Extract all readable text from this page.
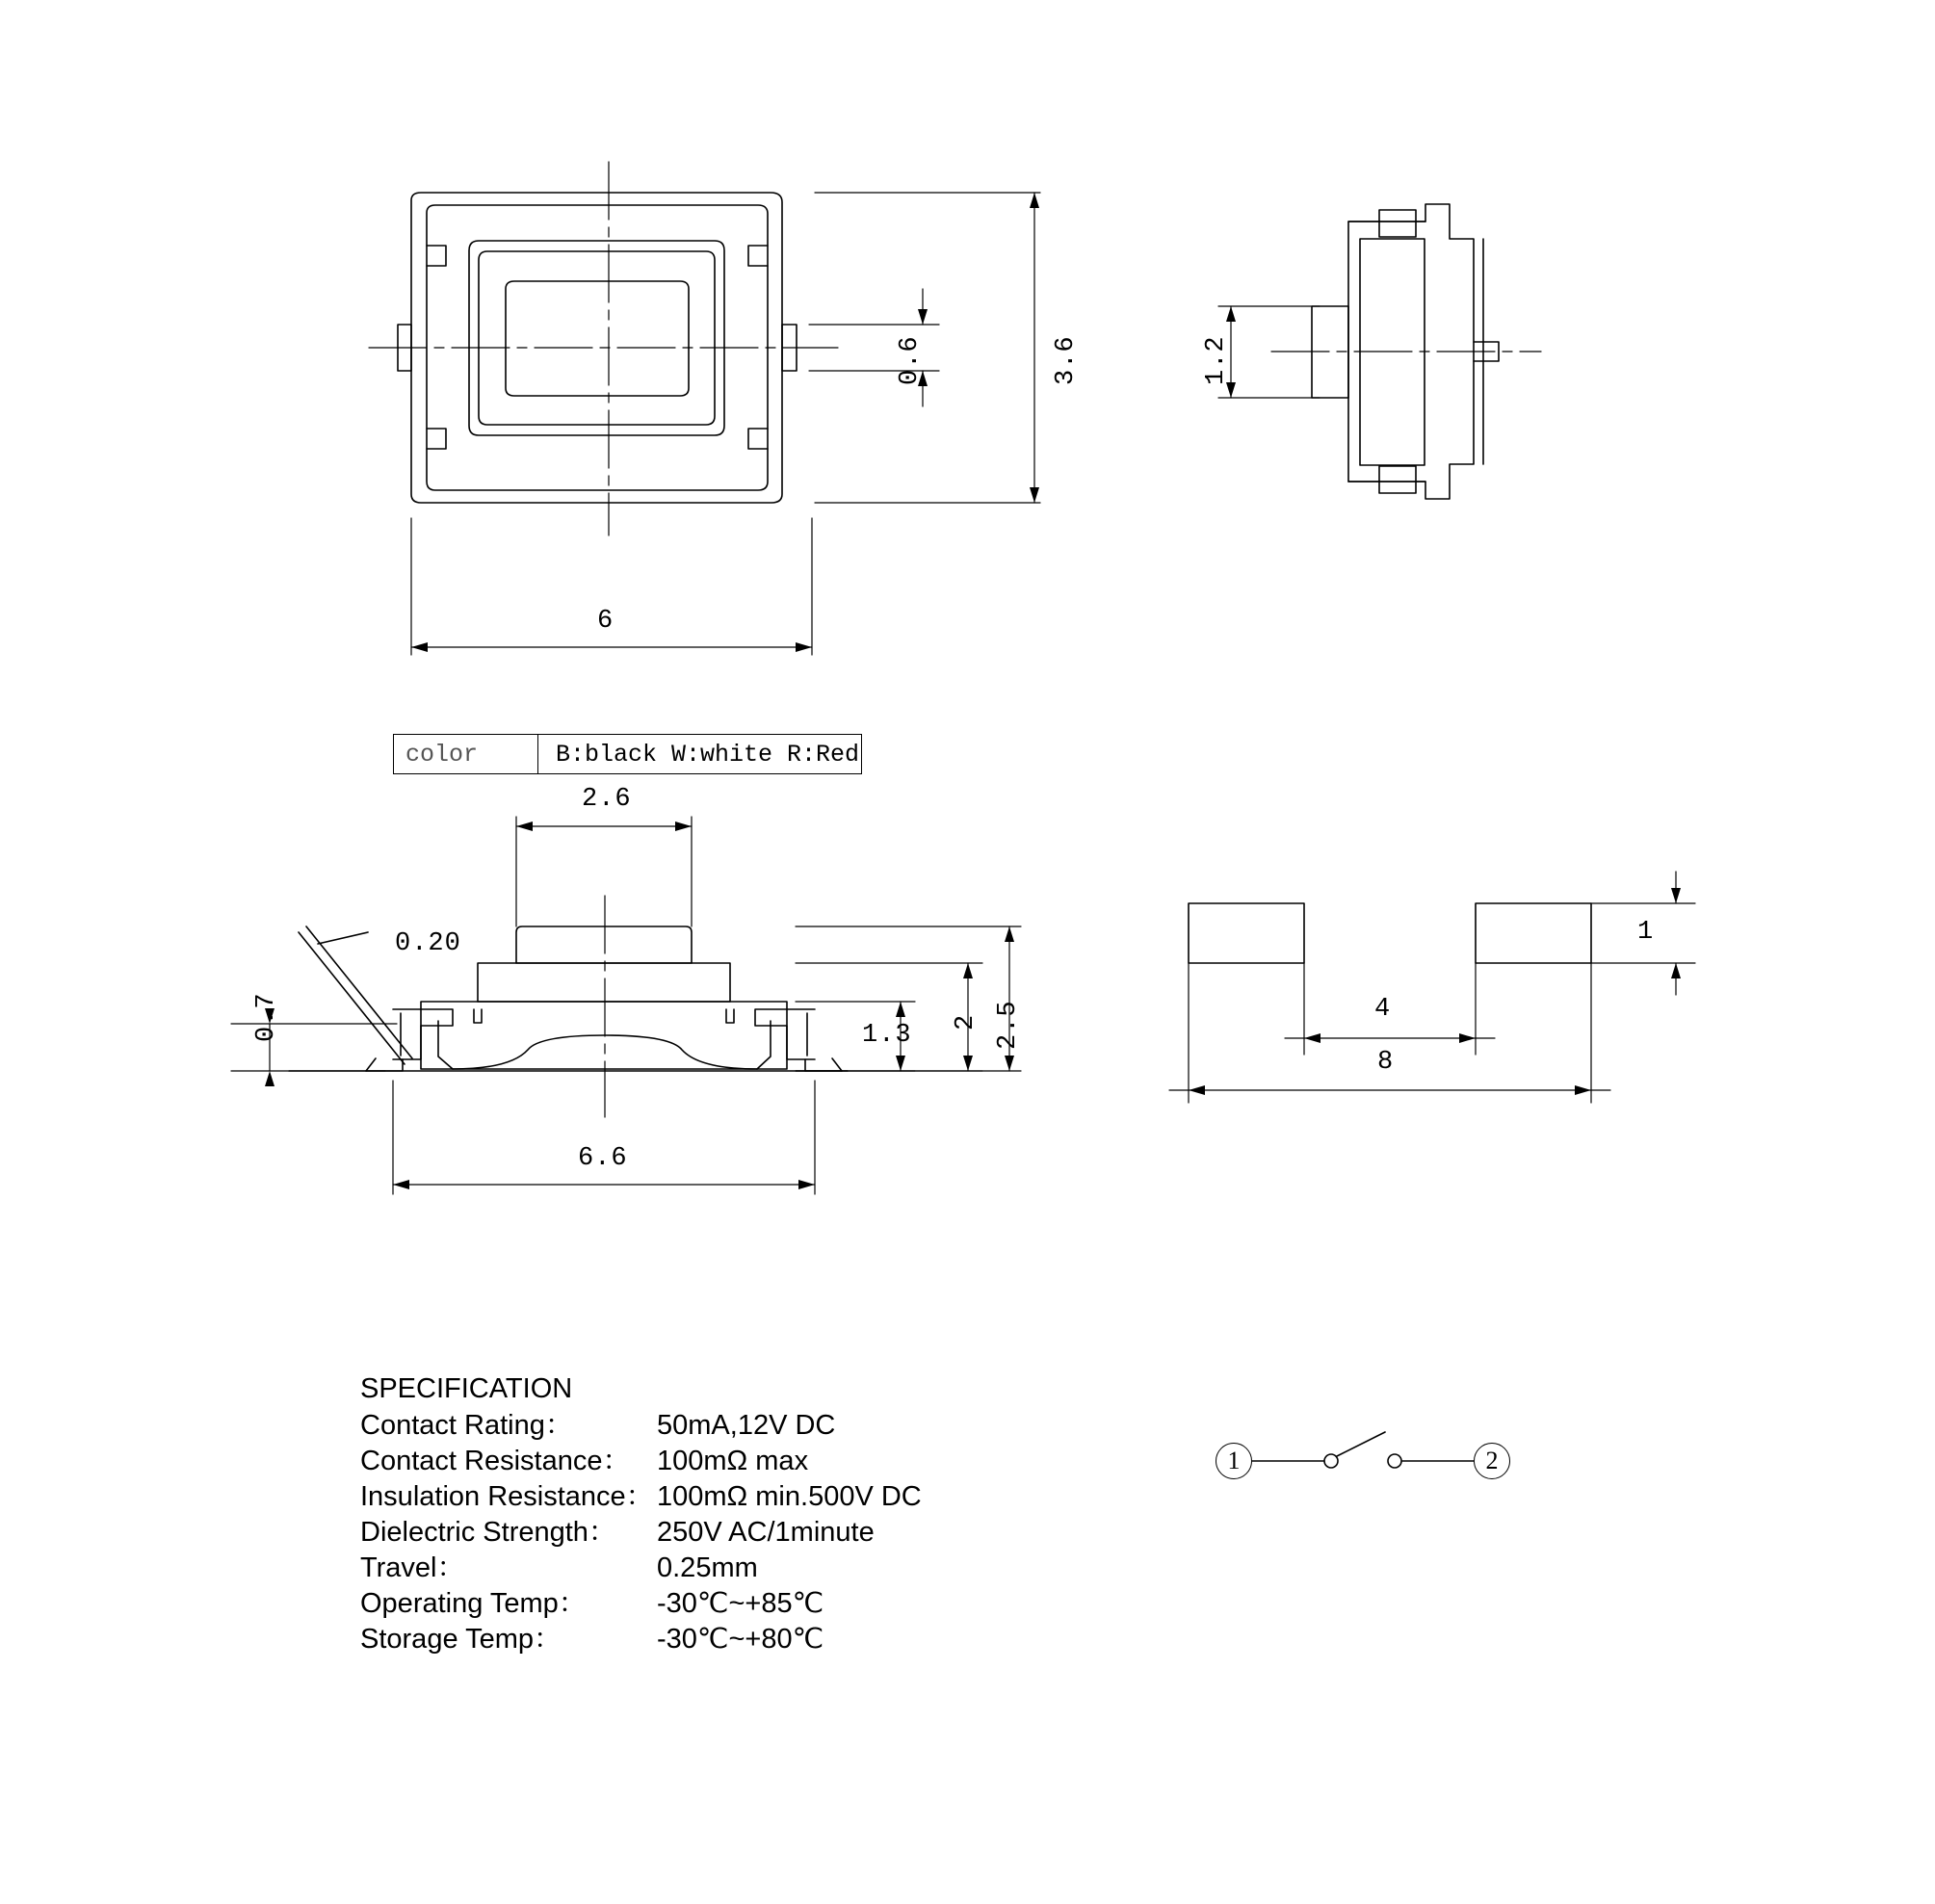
3.6
0.6
6
1.2
2.6
0.20
0.7	1.3 2 2.5
6.6
4
8
1
color	B:black W:white R:Red
SPECIFICATION
Contact Rating：	50mA,12V DC
Contact Resistance： 100mΩ max
Insulation Resistance： 100mΩ min.500V DC
Dielectric Strength：	250V AC/1minute
Travel：	0.25mm
Operating Temp：	-30℃~+85℃
Storage Temp：	-30℃~+80℃
1	2
